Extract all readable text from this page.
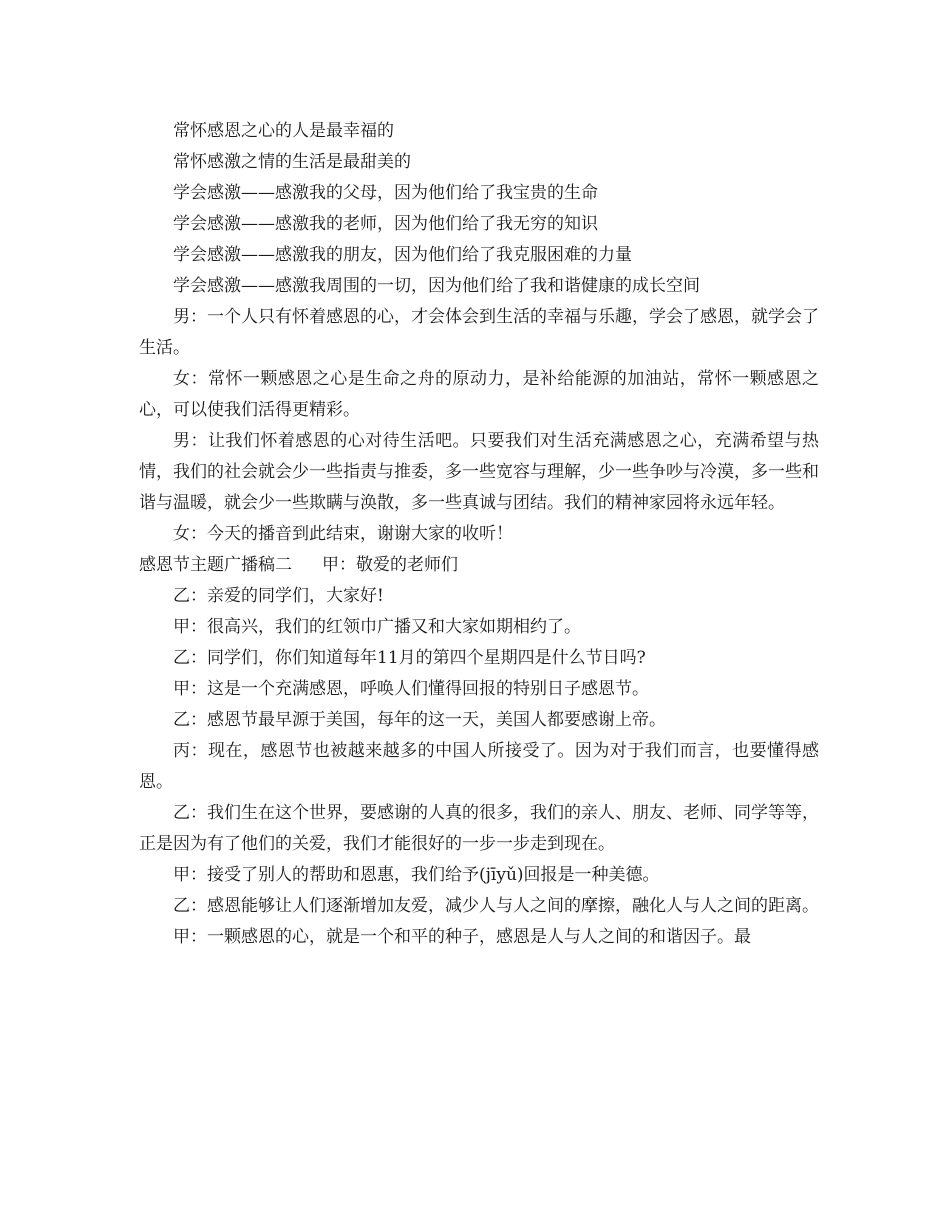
常怀感恩之心的人是最幸福的

常怀感激之情的生活是最甜美的

学会感激——感激我的父母，因为他们给了我宝贵的生命

学会感激——感激我的老师，因为他们给了我无穷的知识

学会感激——感激我的朋友，因为他们给了我克服困难的力量

学会感激——感激我周围的一切，因为他们给了我和谐健康的成长空间

男：一个人只有怀着感恩的心，才会体会到生活的幸福与乐趣，学会了感恩，就学会了生活。

女：常怀一颗感恩之心是生命之舟的原动力，是补给能源的加油站，常怀一颗感恩之心，可以使我们活得更精彩。

男：让我们怀着感恩的心对待生活吧。只要我们对生活充满感恩之心，充满希望与热情，我们的社会就会少一些指责与推委，多一些宽容与理解，少一些争吵与冷漠，多一些和谐与温暖，就会少一些欺瞒与涣散，多一些真诚与团结。我们的精神家园将永远年轻。

女：今天的播音到此结束，谢谢大家的收听！

感恩节主题广播稿二 甲：敬爱的老师们

乙：亲爱的同学们，大家好!

甲：很高兴，我们的红领巾广播又和大家如期相约了。

乙：同学们，你们知道每年11月的第四个星期四是什么节日吗?

甲：这是一个充满感恩，呼唤人们懂得回报的特别日子感恩节。

乙：感恩节最早源于美国，每年的这一天，美国人都要感谢上帝。

丙：现在，感恩节也被越来越多的中国人所接受了。因为对于我们而言，也要懂得感恩。

乙：我们生在这个世界，要感谢的人真的很多，我们的亲人、朋友、老师、同学等等，正是因为有了他们的关爱，我们才能很好的一步一步走到现在。

甲：接受了别人的帮助和恩惠，我们给予(jīyǔ)回报是一种美德。

乙：感恩能够让人们逐渐增加友爱，减少人与人之间的摩擦，融化人与人之间的距离。

甲：一颗感恩的心，就是一个和平的种子，感恩是人与人之间的和谐因子。最
